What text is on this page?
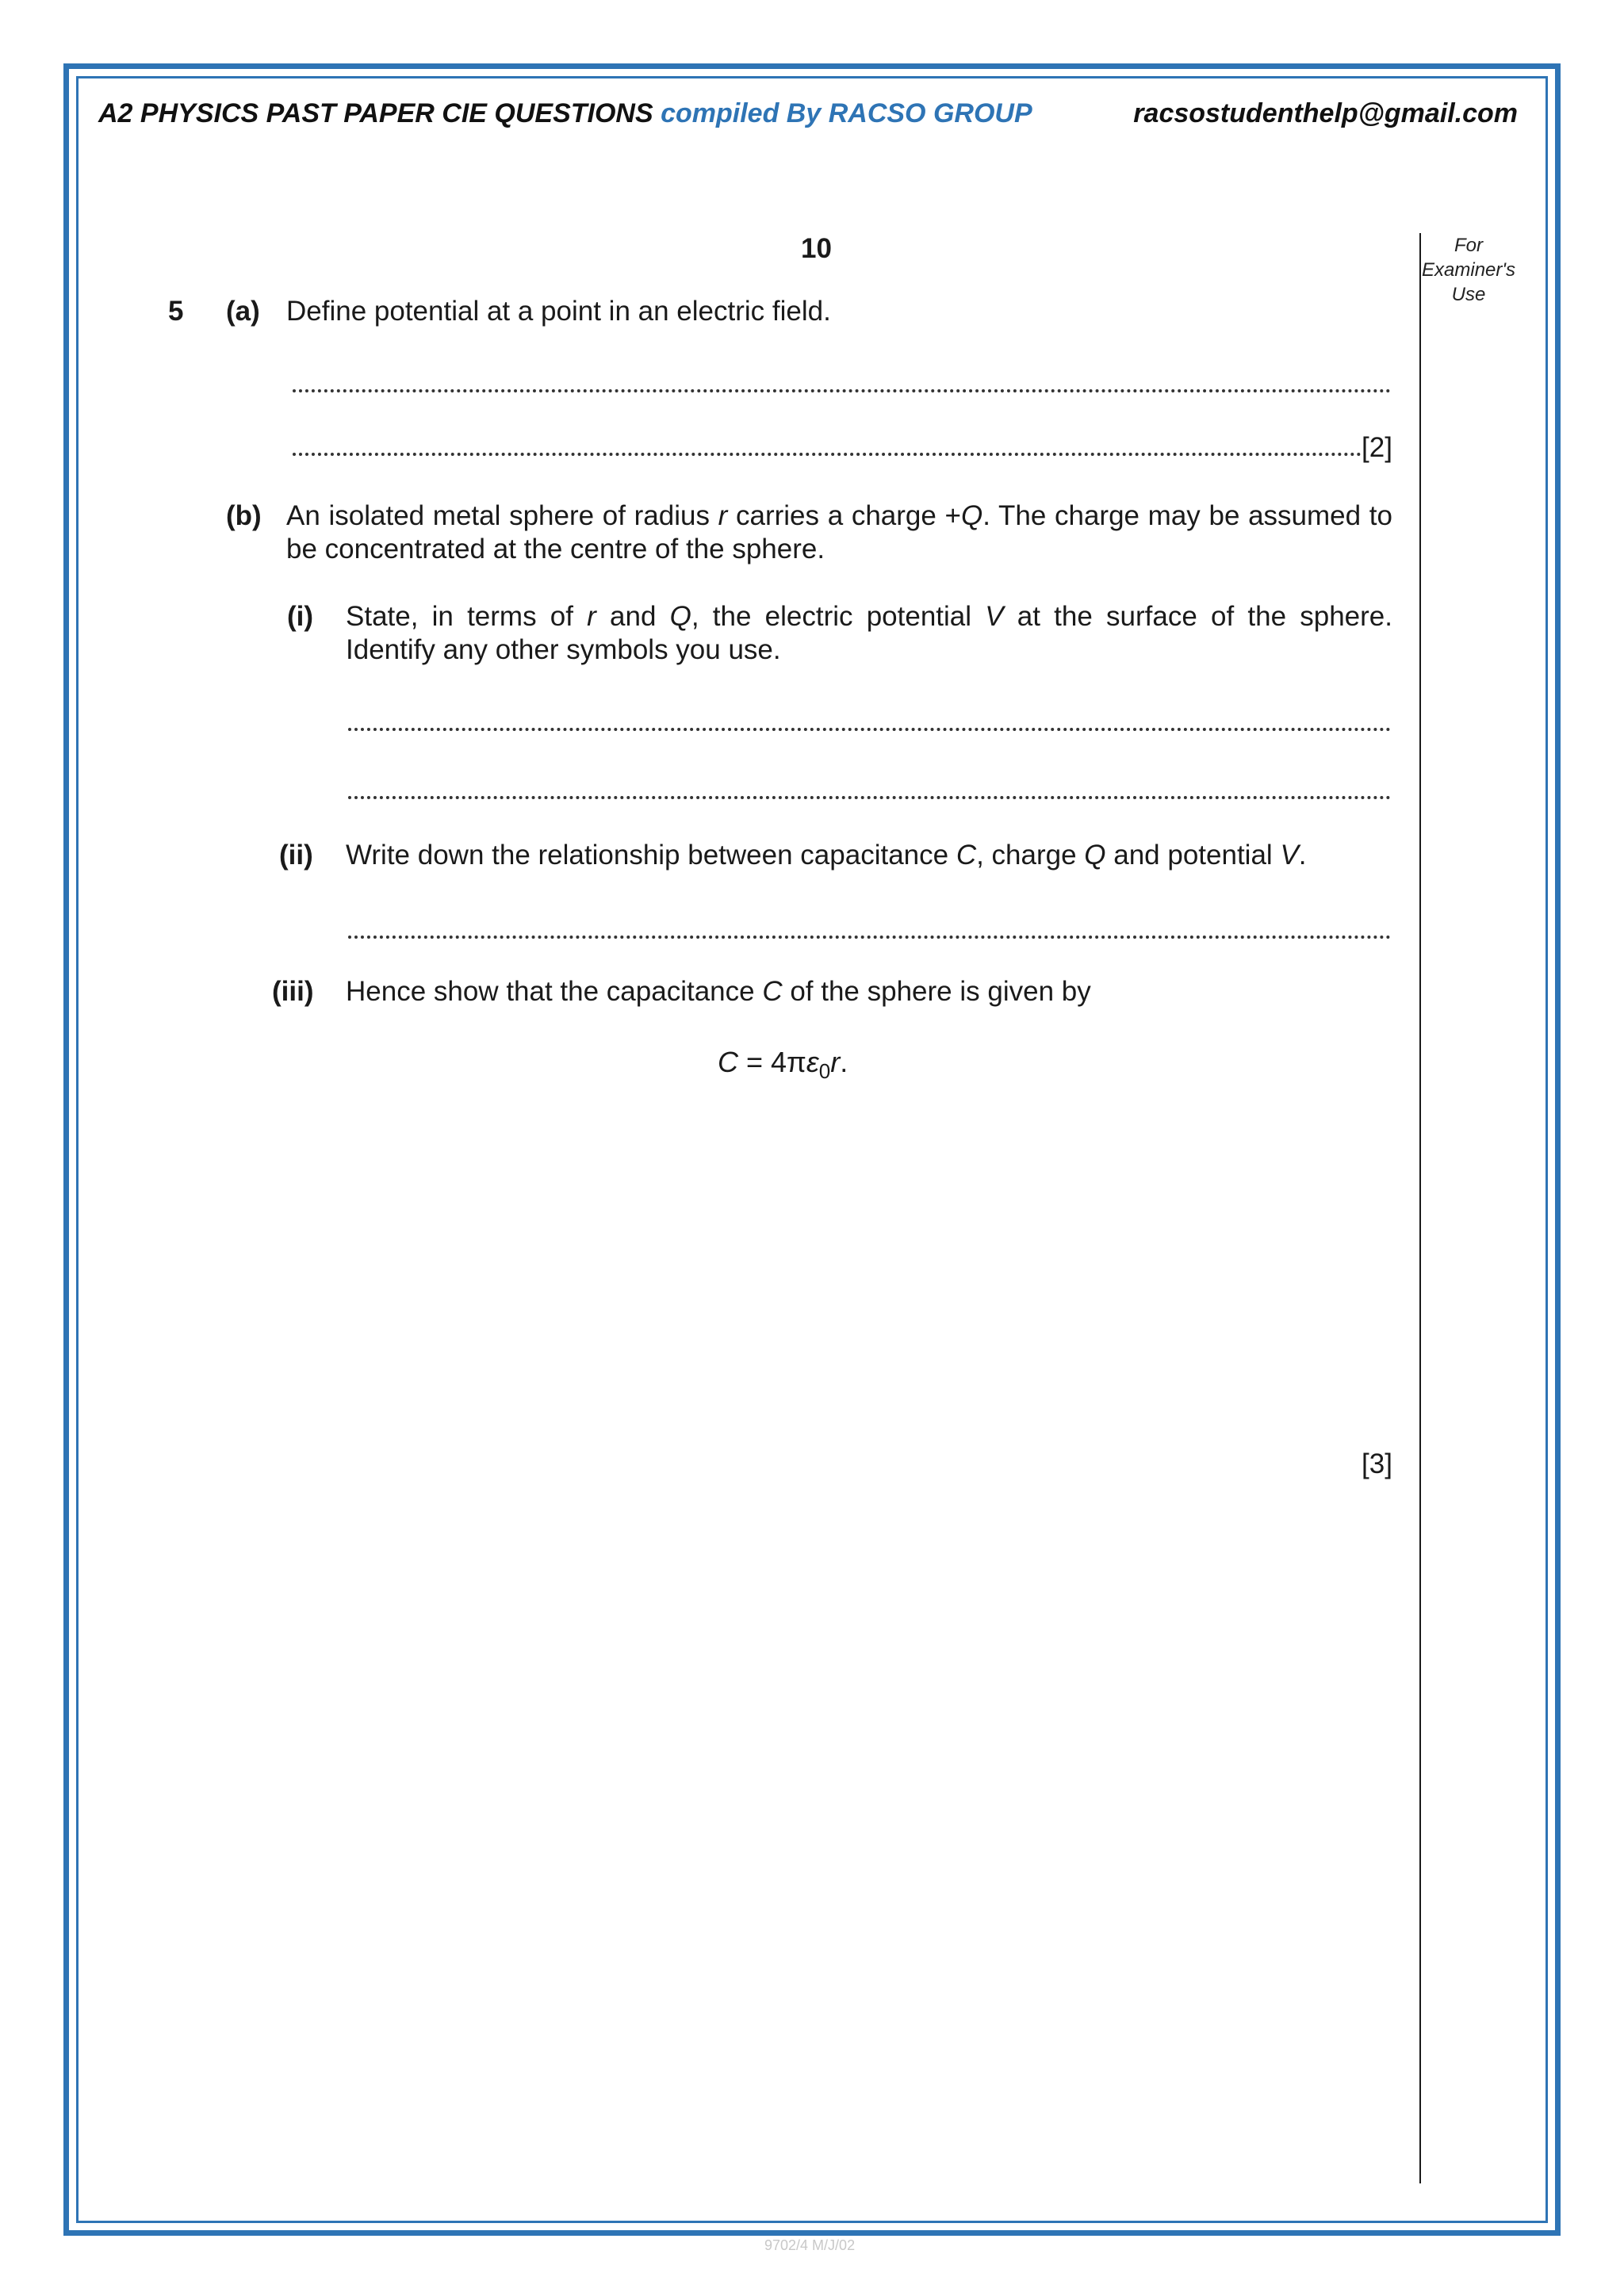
A2 PHYSICS PAST PAPER CIE QUESTIONS compiled By RACSO GROUP	racsostudenthelp@gmail.com
10	For
Examiner's
Use
5 (a) Define potential at a point in an electric field.
[2]
(b) An isolated metal sphere of radius r carries a charge +Q. The charge may be assumed to be concentrated at the centre of the sphere.
(i) State, in terms of r and Q, the electric potential V at the surface of the sphere. Identify any other symbols you use.
(ii) Write down the relationship between capacitance C, charge Q and potential V.
(iii) Hence show that the capacitance C of the sphere is given by
$C = 4\pi\varepsilon_0r$.
[3]
9702/4 M/J/02
